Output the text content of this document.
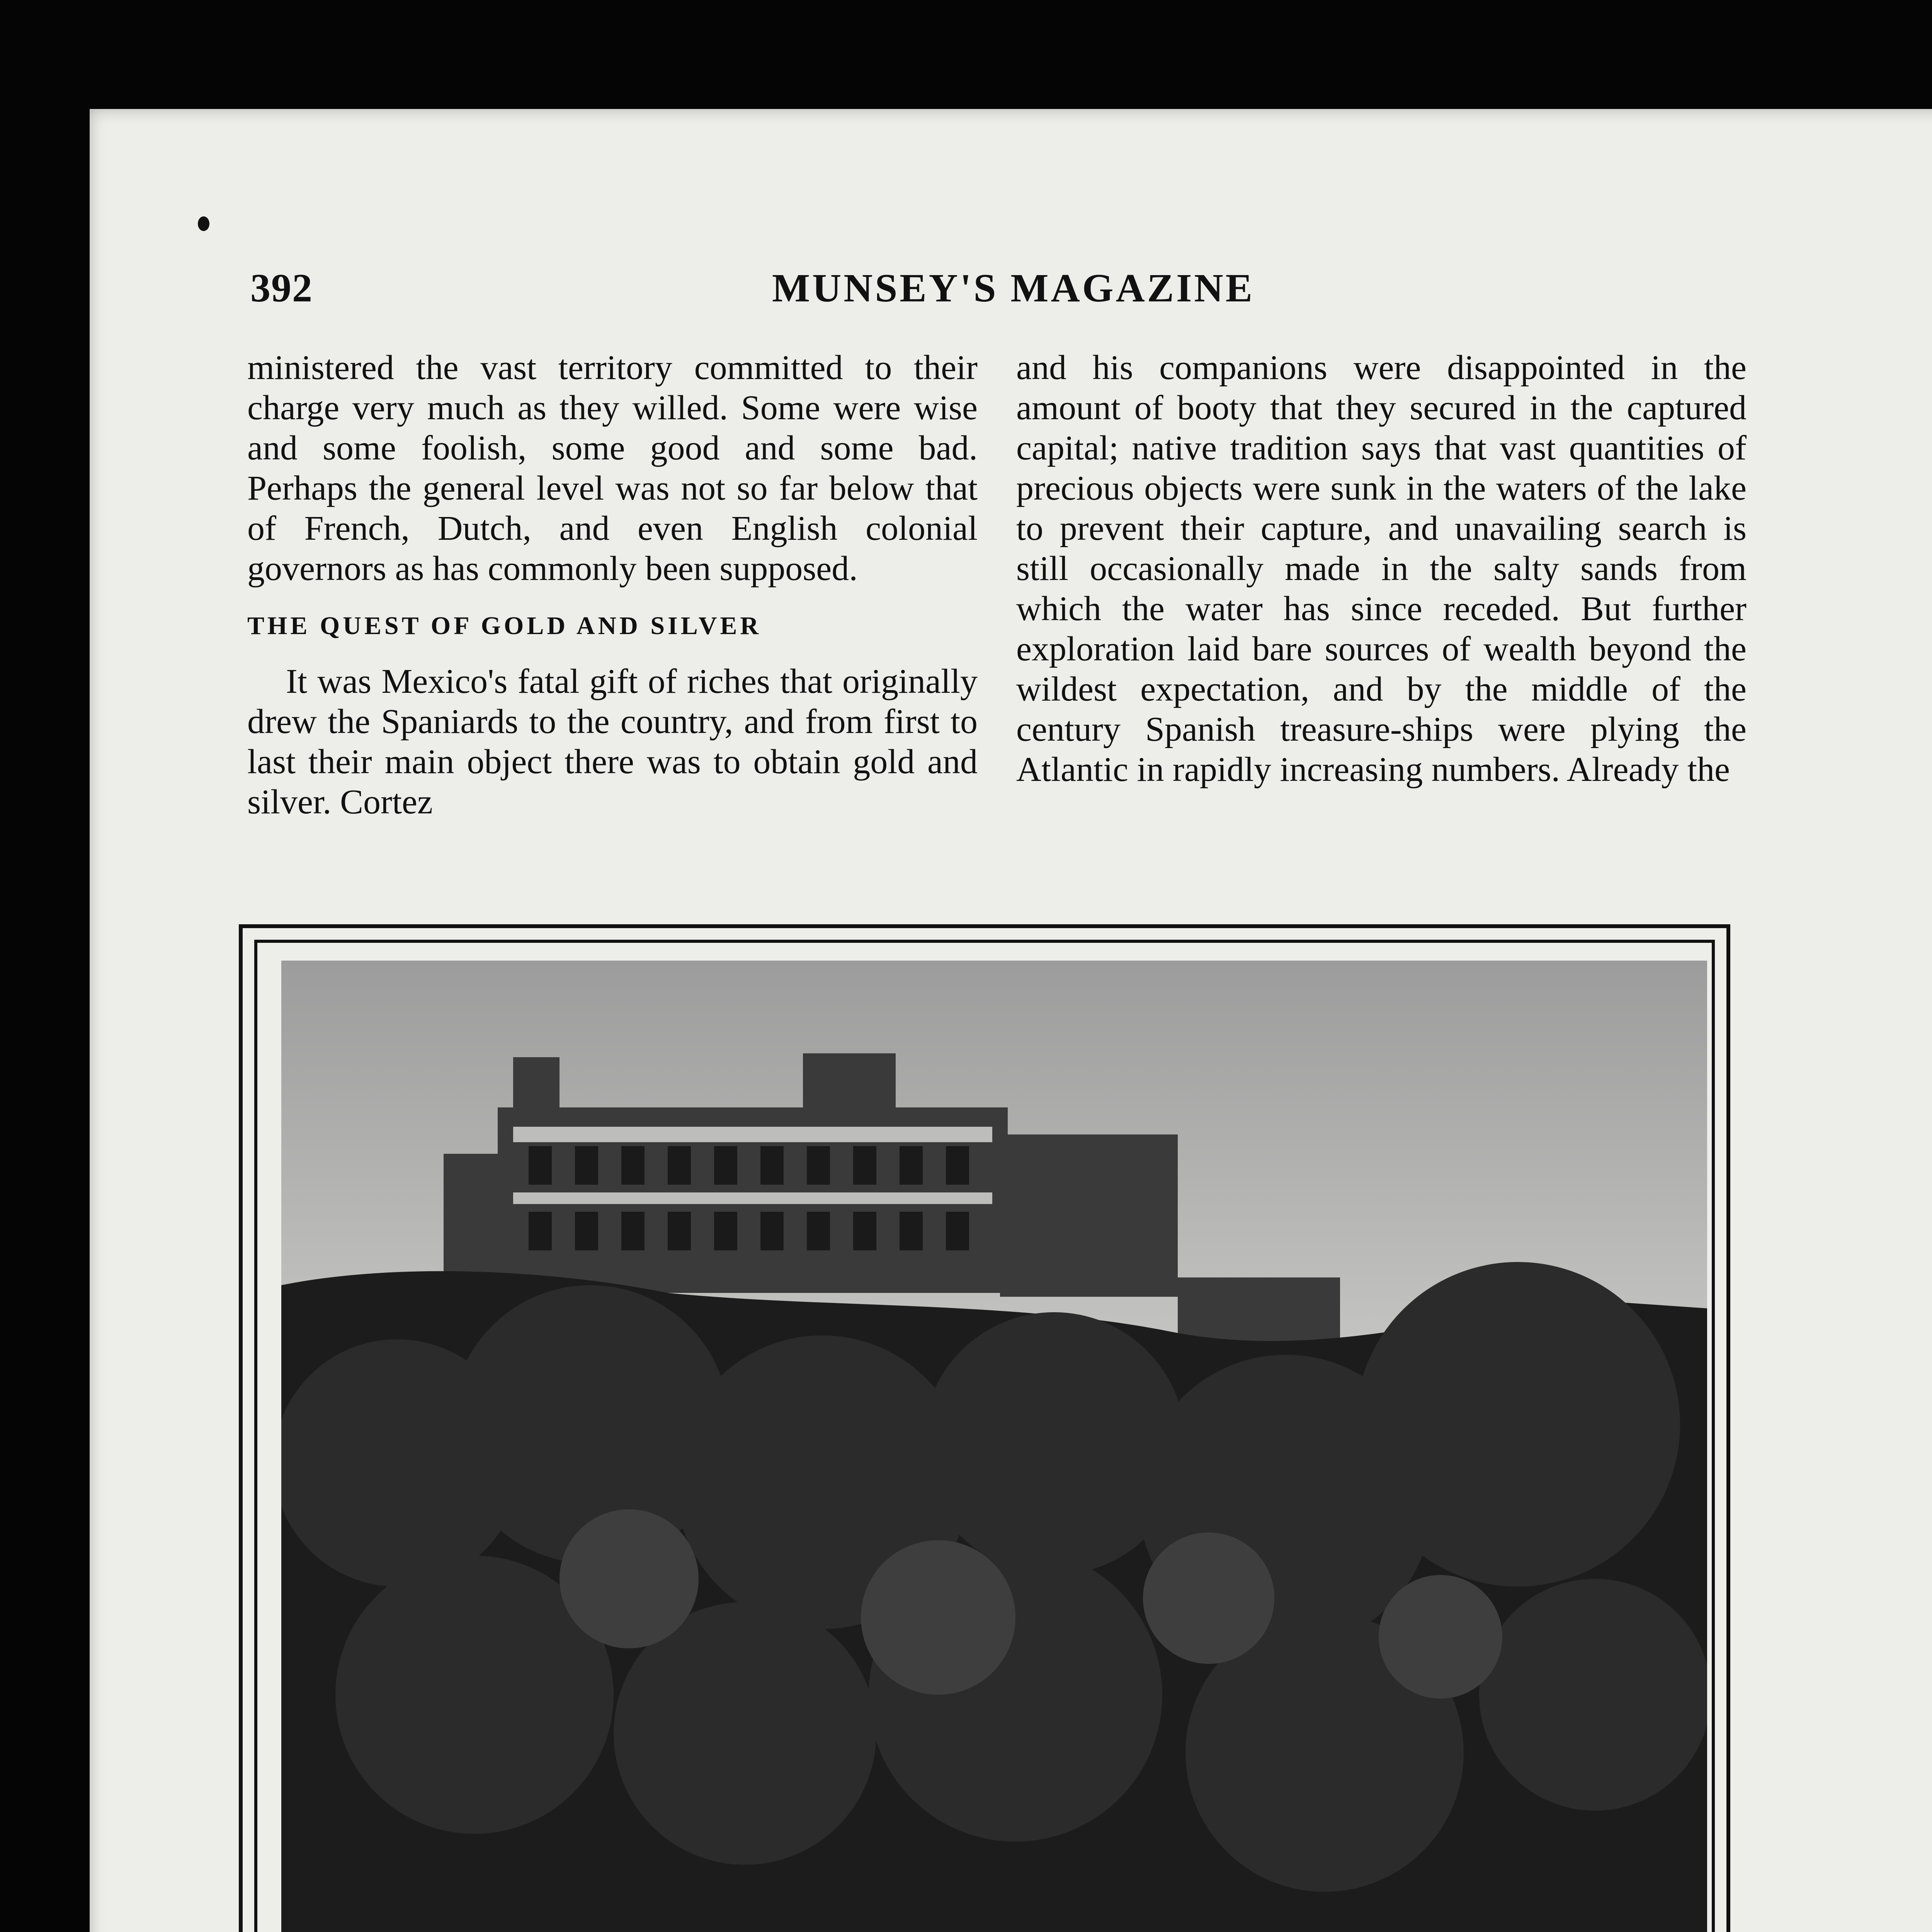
392	MUNSEY'S MAGAZINE

ministered the vast territory committed to their charge very much as they willed. Some were wise and some foolish, some good and some bad. Perhaps the general level was not so far below that of French, Dutch, and even English colonial governors as has commonly been supposed.

THE QUEST OF GOLD AND SILVER

It was Mexico's fatal gift of riches that originally drew the Spaniards to the country, and from first to last their main object there was to obtain gold and silver. Cortez

and his companions were disappointed in the amount of booty that they secured in the captured capital; native tradition says that vast quantities of precious objects were sunk in the waters of the lake to prevent their capture, and unavailing search is still occasionally made in the salty sands from which the water has since receded. But further exploration laid bare sources of wealth beyond the wildest expectation, and by the middle of the century Spanish treasure-ships were plying the Atlantic in rapidly increasing numbers. Already the
